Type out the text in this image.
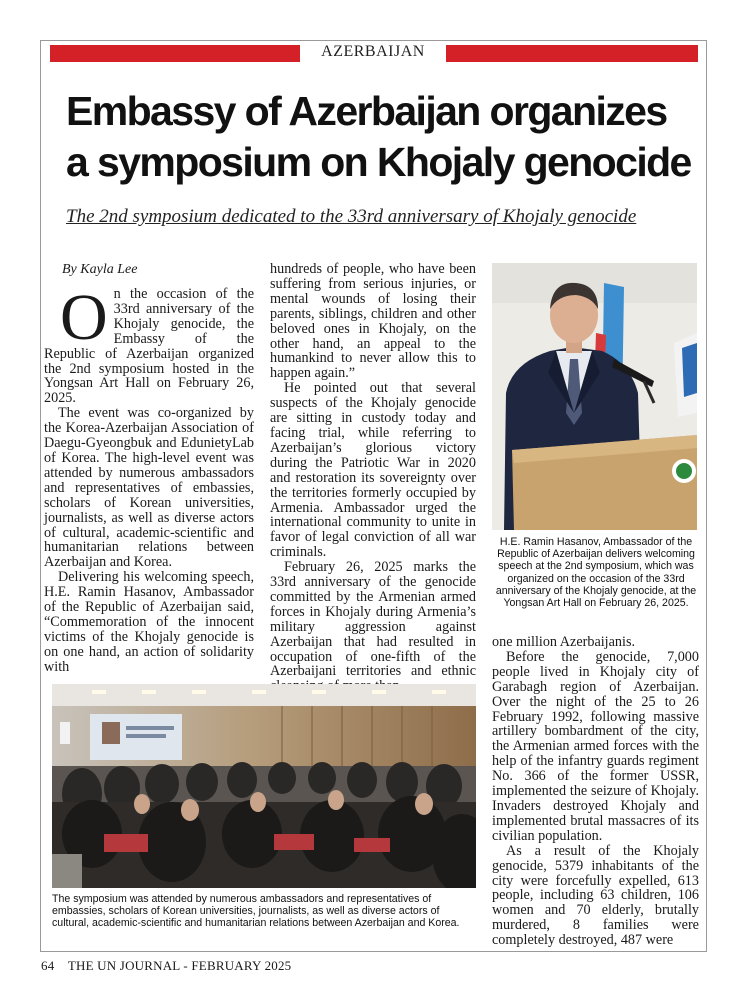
AZERBAIJAN
Embassy of Azerbaijan organizes
a symposium on Khojaly genocide
The 2nd symposium dedicated to the 33rd anniversary of Khojaly genocide
By Kayla Lee

On the occasion of the 33rd anniversary of the Khojaly genocide, the Embassy of the Republic of Azerbaijan organized the 2nd symposium hosted in the Yongsan Art Hall on February 26, 2025.

The event was co-organized by the Korea-Azerbaijan Association of Daegu-Gyeongbuk and EdunietyLab of Korea. The high-level event was attended by numerous ambassadors and representatives of embassies, scholars of Korean universities, journalists, as well as diverse actors of cultural, academic-scientific and humanitarian relations between Azerbaijan and Korea.

Delivering his welcoming speech, H.E. Ramin Hasanov, Ambassador of the Republic of Azerbaijan said, “Commemoration of the innocent victims of the Khojaly genocide is on one hand, an action of solidarity with

hundreds of people, who have been suffering from serious injuries, or mental wounds of losing their parents, siblings, children and other beloved ones in Khojaly, on the other hand, an appeal to the humankind to never allow this to happen again.”

He pointed out that several suspects of the Khojaly genocide are sitting in custody today and facing trial, while referring to Azerbaijan’s glorious victory during the Patriotic War in 2020 and restoration its sovereignty over the territories formerly occupied by Armenia. Ambassador urged the international community to unite in favor of legal conviction of all war criminals.

February 26, 2025 marks the 33rd anniversary of the genocide committed by the Armenian armed forces in Khojaly during Armenia’s military aggression against Azerbaijan that had resulted in occupation of one-fifth of the Azerbaijani territories and ethnic

H.E. Ramin Hasanov, Ambassador of the Republic of Azerbaijan delivers welcoming speech at the 2nd symposium, which was organized on the occasion of the 33rd anniversary of the Khojaly genocide, at the Yongsan Art Hall on February 26, 2025.

one million Azerbaijanis.

Before the genocide, 7,000 people lived in Khojaly city of Garabagh region of Azerbaijan. Over the night of the 25 to 26 February 1992, following massive artillery bombardment of the city, the Armenian armed forces with the help of the infantry guards regiment No. 366 of the former USSR, implemented the seizure of Khojaly. Invaders destroyed Khojaly and implemented brutal massacres of its civilian population.

As a result of the Khojaly genocide, 5379 inhabitants of the city were forcefully expelled, 613 people, including 63 children, 106 women and 70 elderly, brutally murdered, 8 families were completely destroyed, 487 were

The symposium was attended by numerous ambassadors and representatives of embassies, scholars of Korean universities, journalists, as well as diverse actors of cultural, academic-scientific and humanitarian relations between Azerbaijan and Korea.
64 THE UN JOURNAL - FEBRUARY 2025
